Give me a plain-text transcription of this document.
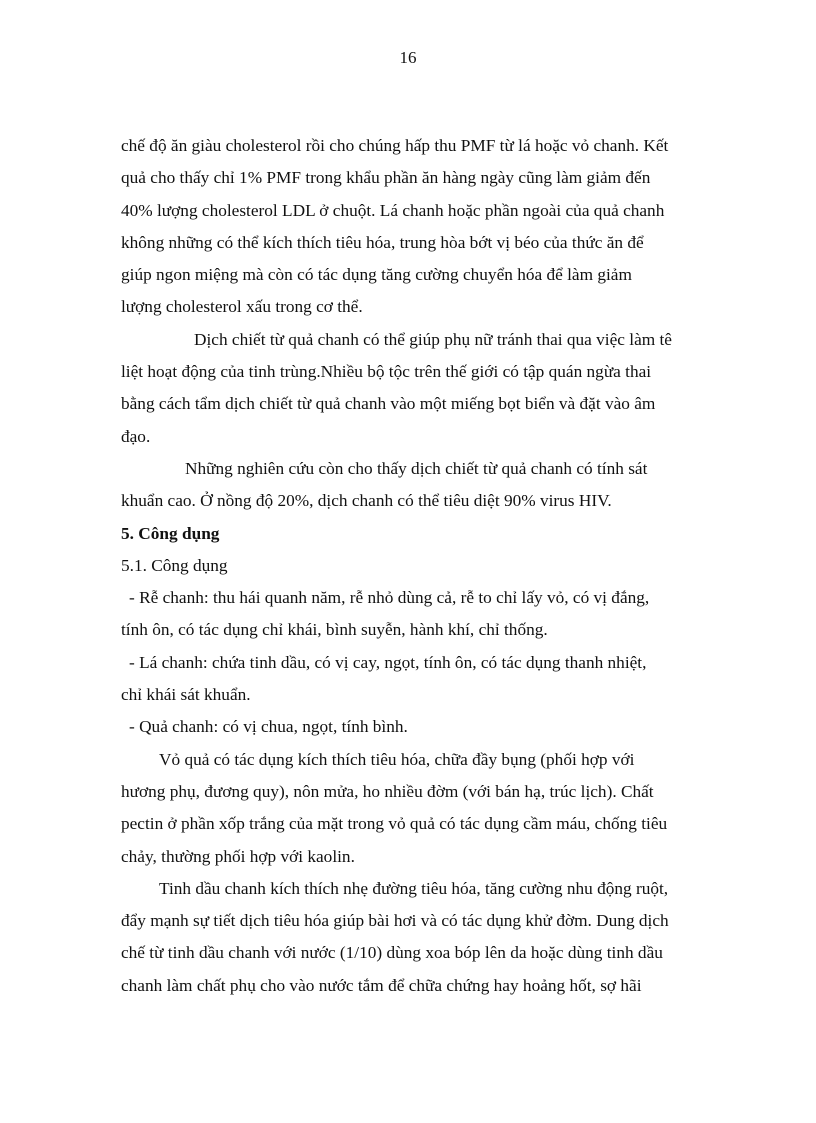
16
chế độ ăn giàu cholesterol rồi cho chúng hấp thu PMF từ lá hoặc vỏ chanh. Kết
quả cho thấy chỉ 1% PMF trong khẩu phần ăn hàng ngày cũng làm giảm đến
40% lượng cholesterol LDL ở chuột. Lá chanh hoặc phần ngoài của quả chanh
không những có thể kích thích tiêu hóa, trung hòa bớt vị béo của thức ăn để
giúp ngon miệng mà còn có tác dụng tăng cường chuyển hóa để làm giảm
lượng cholesterol xấu trong cơ thể.
Dịch chiết từ quả chanh có thể giúp phụ nữ tránh thai qua việc làm tê
liệt hoạt động của tinh trùng.Nhiều bộ tộc trên thế giới có tập quán ngừa thai
bằng cách tẩm dịch chiết từ quả chanh vào một miếng bọt biển và đặt vào âm
đạo.
Những nghiên cứu còn cho thấy dịch chiết từ quả chanh có tính sát
khuẩn cao. Ở nồng độ 20%, dịch chanh có thể tiêu diệt 90% virus HIV.
5. Công dụng
5.1. Công dụng
- Rễ chanh: thu hái quanh năm, rễ nhỏ dùng cả, rễ to chỉ lấy vỏ, có vị đắng,
tính ôn, có tác dụng chỉ khái, bình suyễn, hành khí, chỉ thống.
- Lá chanh: chứa tinh dầu, có vị cay, ngọt, tính ôn, có tác dụng thanh nhiệt,
chỉ khái sát khuẩn.
- Quả chanh: có vị chua, ngọt, tính bình.
Vỏ quả có tác dụng kích thích tiêu hóa, chữa đầy bụng (phối hợp với
hương phụ, đương quy), nôn mửa, ho nhiều đờm (với bán hạ, trúc lịch). Chất
pectin ở phần xốp trắng của mặt trong vỏ quả có tác dụng cầm máu, chống tiêu
chảy, thường phối hợp với kaolin.
Tinh dầu chanh kích thích nhẹ đường tiêu hóa, tăng cường nhu động ruột,
đẩy mạnh sự tiết dịch tiêu hóa giúp bài hơi và có tác dụng khử đờm. Dung dịch
chế từ tinh dầu chanh với nước (1/10) dùng xoa bóp lên da hoặc dùng tinh dầu
chanh làm chất phụ cho vào nước tắm để chữa chứng hay hoảng hốt, sợ hãi
